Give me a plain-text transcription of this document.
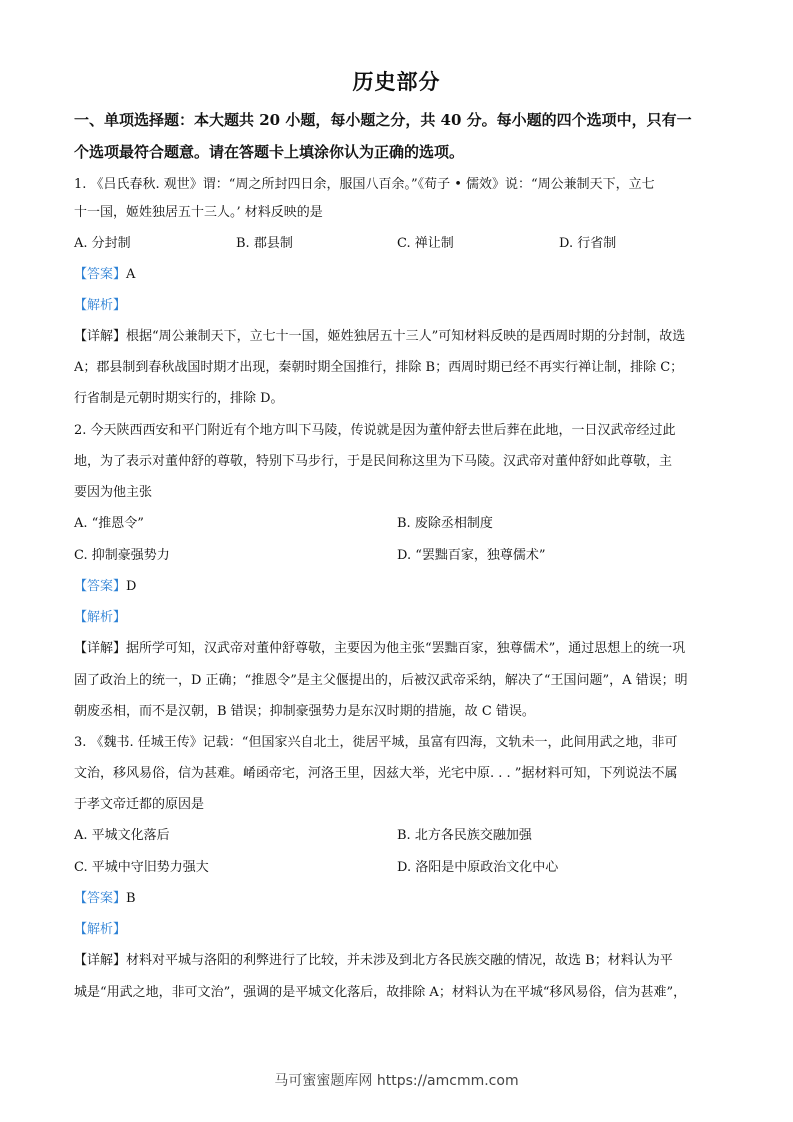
历史部分
一、单项选择题：本大题共 20 小题，每小题之分，共 40 分。每小题的四个选项中，只有一
个选项最符合题意。请在答题卡上填涂你认为正确的选项。
1. 《吕氏春秋. 观世》谓：“周之所封四日余，服国八百余。”《荀子 • 儒效》说：“周公兼制天下，立七
十一国，姬姓独居五十三人。’ 材料反映的是
A. 分封制	B. 郡县制	C. 禅让制	D. 行省制
【答案】A
【解析】
【详解】根据“周公兼制天下，立七十一国，姬姓独居五十三人”可知材料反映的是西周时期的分封制，故选
A；郡县制到春秋战国时期才出现，秦朝时期全国推行，排除 B；西周时期已经不再实行禅让制，排除 C；
行省制是元朝时期实行的，排除 D。
2. 今天陕西西安和平门附近有个地方叫下马陵，传说就是因为董仲舒去世后葬在此地，一日汉武帝经过此
地，为了表示对董仲舒的尊敬，特别下马步行，于是民间称这里为下马陵。汉武帝对董仲舒如此尊敬，主
要因为他主张
A. “推恩令”	B. 废除丞相制度
C. 抑制豪强势力	D. “罢黜百家，独尊儒术”
【答案】D
【解析】
【详解】据所学可知，汉武帝对董仲舒尊敬，主要因为他主张“罢黜百家，独尊儒术”，通过思想上的统一巩
固了政治上的统一，D 正确；“推恩令”是主父偃提出的，后被汉武帝采纳，解决了“王国问题”，A 错误；明
朝废丞相，而不是汉朝，B 错误；抑制豪强势力是东汉时期的措施，故 C 错误。
3. 《魏书. 任城王传》记载：“但国家兴自北土，徙居平城，虽富有四海，文轨未一，此间用武之地，非可
文治，移风易俗，信为甚难。崤函帝宅，河洛王里，因兹大举，光宅中原. . . ”据材料可知，下列说法不属
于孝文帝迁都的原因是
A. 平城文化落后	B. 北方各民族交融加强
C. 平城中守旧势力强大	D. 洛阳是中原政治文化中心
【答案】B
【解析】
【详解】材料对平城与洛阳的利弊进行了比较，并未涉及到北方各民族交融的情况，故选 B；材料认为平
城是“用武之地，非可文治”，强调的是平城文化落后，故排除 A；材料认为在平城“移风易俗，信为甚难”，
马可蜜蜜题库网 https://amcmm.com
